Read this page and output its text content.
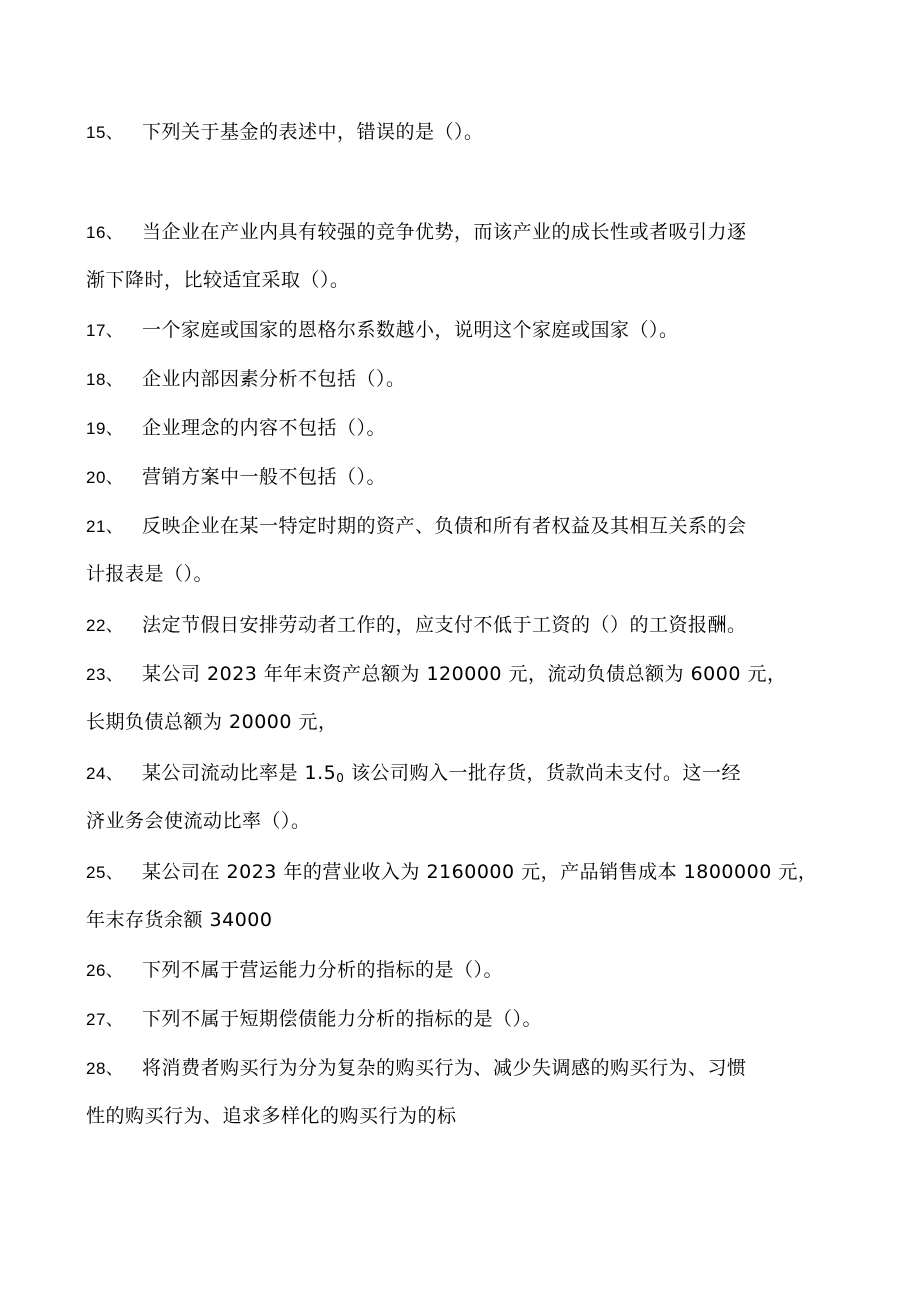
15、 下列关于基金的表述中，错误的是（）。
16、 当企业在产业内具有较强的竞争优势，而该产业的成长性或者吸引力逐
渐下降时，比较适宜采取（）。
17、 一个家庭或国家的恩格尔系数越小，说明这个家庭或国家（）。
18、 企业内部因素分析不包括（）。
19、 企业理念的内容不包括（）。
20、 营销方案中一般不包括（）。
21、 反映企业在某一特定时期的资产、负债和所有者权益及其相互关系的会
计报表是（）。
22、 法定节假日安排劳动者工作的，应支付不低于工资的（）的工资报酬。
23、 某公司 2023 年年末资产总额为 120000 元，流动负债总额为 6000 元，
长期负债总额为 20000 元，
24、 某公司流动比率是 $1.5_0$ 该公司购入一批存货，货款尚未支付。这一经
济业务会使流动比率（）。
25、 某公司在 2023 年的营业收入为 2160000 元，产品销售成本 1800000 元，
年末存货余额 34000
26、 下列不属于营运能力分析的指标的是（）。
27、 下列不属于短期偿债能力分析的指标的是（）。
28、 将消费者购买行为分为复杂的购买行为、减少失调感的购买行为、习惯
性的购买行为、追求多样化的购买行为的标
